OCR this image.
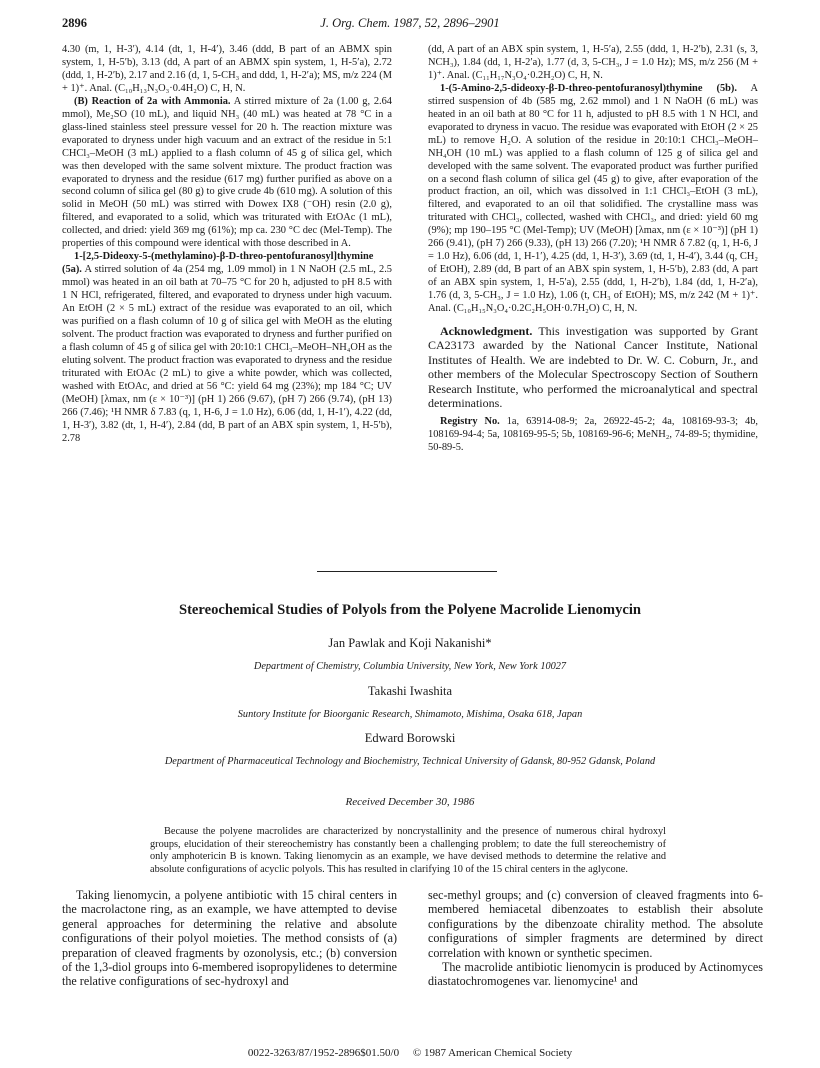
2896	J. Org. Chem. 1987, 52, 2896–2901

4.30 (m, 1, H-3′), 4.14 (dt, 1, H-4′), 3.46 (ddd, B part of an ABMX spin system, 1, H-5′b), 3.13 (dd, A part of an ABMX spin system, 1, H-5′a), 2.72 (ddd, 1, H-2′b), 2.17 and 2.16 (d, 1, 5-CH₃ and ddd, 1, H-2′a); MS, m/z 224 (M + 1)⁺. Anal. (C₁₀H₁₃N₃O₃·0.4H₂O) C, H, N.

(B) Reaction of 2a with Ammonia. A stirred mixture of 2a (1.00 g, 2.64 mmol), Me₂SO (10 mL), and liquid NH₃ (40 mL) was heated at 78 °C in a glass-lined stainless steel pressure vessel for 20 h. The reaction mixture was evaporated to dryness under high vacuum and an extract of the residue in 5:1 CHCl₃–MeOH (3 mL) applied to a flash column of 45 g of silica gel, which was then developed with the same solvent mixture. The product fraction was evaporated to dryness and the residue (617 mg) further purified as above on a second column of silica gel (80 g) to give crude 4b (610 mg). A solution of this solid in MeOH (50 mL) was stirred with Dowex IX8 (⁻OH) resin (2.0 g), filtered, and evaporated to a solid, which was triturated with EtOAc (1 mL), collected, and dried: yield 369 mg (61%); mp ca. 230 °C dec (Mel-Temp). The properties of this compound were identical with those described in A.

1-[2,5-Dideoxy-5-(methylamino)-β-D-threo-pentofuranosyl]thymine (5a). A stirred solution of 4a (254 mg, 1.09 mmol) in 1 N NaOH (2.5 mL, 2.5 mmol) was heated in an oil bath at 70–75 °C for 20 h, adjusted to pH 8.5 with 1 N HCl, refrigerated, filtered, and evaporated to dryness under high vacuum. An EtOH (2 × 5 mL) extract of the residue was evaporated to an oil, which was purified on a flash column of 10 g of silica gel with MeOH as the eluting solvent. The product fraction was evaporated to dryness and further purified on a flash column of 45 g of silica gel with 20:10:1 CHCl₃–MeOH–NH₄OH as the eluting solvent. The product fraction was evaporated to dryness and the residue triturated with EtOAc (2 mL) to give a white powder, which was collected, washed with EtOAc, and dried at 56 °C: yield 64 mg (23%); mp 184 °C; UV (MeOH) [λmax, nm (ε × 10⁻³)] (pH 1) 266 (9.67), (pH 7) 266 (9.74), (pH 13) 266 (7.46); ¹H NMR δ 7.83 (q, 1, H-6, J = 1.0 Hz), 6.06 (dd, 1, H-1′), 4.22 (dd, 1, H-3′), 3.82 (dt, 1, H-4′), 2.84 (dd, B part of an ABX spin system, 1, H-5′b), 2.78

(dd, A part of an ABX spin system, 1, H-5′a), 2.55 (ddd, 1, H-2′b), 2.31 (s, 3, NCH₃), 1.84 (dd, 1, H-2′a), 1.77 (d, 3, 5-CH₃, J = 1.0 Hz); MS, m/z 256 (M + 1)⁺. Anal. (C₁₁H₁₇N₃O₄·0.2H₂O) C, H, N.

1-(5-Amino-2,5-dideoxy-β-D-threo-pentofuranosyl)thymine (5b). A stirred suspension of 4b (585 mg, 2.62 mmol) and 1 N NaOH (6 mL) was heated in an oil bath at 80 °C for 11 h, adjusted to pH 8.5 with 1 N HCl, and evaporated to dryness in vacuo. The residue was evaporated with EtOH (2 × 25 mL) to remove H₂O. A solution of the residue in 20:10:1 CHCl₃–MeOH–NH₄OH (10 mL) was applied to a flash column of 125 g of silica gel and developed with the same solvent. The evaporated product was further purified on a second flash column of silica gel (45 g) to give, after evaporation of the product fraction, an oil, which was dissolved in 1:1 CHCl₃–EtOH (3 mL), filtered, and evaporated to an oil that solidified. The crystalline mass was triturated with CHCl₃, collected, washed with CHCl₃, and dried: yield 60 mg (9%); mp 190–195 °C (Mel-Temp); UV (MeOH) [λmax, nm (ε × 10⁻³)] (pH 1) 266 (9.41), (pH 7) 266 (9.33), (pH 13) 266 (7.20); ¹H NMR δ 7.82 (q, 1, H-6, J = 1.0 Hz), 6.06 (dd, 1, H-1′), 4.25 (dd, 1, H-3′), 3.69 (td, 1, H-4′), 3.44 (q, CH₂ of EtOH), 2.89 (dd, B part of an ABX spin system, 1, H-5′b), 2.83 (dd, A part of an ABX spin system, 1, H-5′a), 2.55 (ddd, 1, H-2′b), 1.84 (dd, 1, H-2′a), 1.76 (d, 3, 5-CH₃, J = 1.0 Hz), 1.06 (t, CH₃ of EtOH); MS, m/z 242 (M + 1)⁺. Anal. (C₁₀H₁₅N₃O₄·0.2C₂H₅OH·0.7H₂O) C, H, N.

Acknowledgment. This investigation was supported by Grant CA23173 awarded by the National Cancer Institute, National Institutes of Health. We are indebted to Dr. W. C. Coburn, Jr., and other members of the Molecular Spectroscopy Section of Southern Research Institute, who performed the microanalytical and spectral determinations.

Registry No. 1a, 63914-08-9; 2a, 26922-45-2; 4a, 108169-93-3; 4b, 108169-94-4; 5a, 108169-95-5; 5b, 108169-96-6; MeNH₂, 74-89-5; thymidine, 50-89-5.

Stereochemical Studies of Polyols from the Polyene Macrolide Lienomycin
Jan Pawlak and Koji Nakanishi*
Department of Chemistry, Columbia University, New York, New York 10027
Takashi Iwashita
Suntory Institute for Bioorganic Research, Shimamoto, Mishima, Osaka 618, Japan
Edward Borowski
Department of Pharmaceutical Technology and Biochemistry, Technical University of Gdansk, 80-952 Gdansk, Poland
Received December 30, 1986
Because the polyene macrolides are characterized by noncrystallinity and the presence of numerous chiral hydroxyl groups, elucidation of their stereochemistry has constantly been a challenging problem; to date the full stereochemistry of only amphotericin B is known. Taking lienomycin as an example, we have devised methods to determine the relative and absolute configurations of acyclic polyols. This has resulted in clarifying 10 of the 15 chiral centers in the aglycone.

Taking lienomycin, a polyene antibiotic with 15 chiral centers in the macrolactone ring, as an example, we have attempted to devise general approaches for determining the relative and absolute configurations of their polyol moieties. The method consists of (a) preparation of cleaved fragments by ozonolysis, etc.; (b) conversion of the 1,3-diol groups into 6-membered isopropylidenes to determine the relative configurations of sec-hydroxyl and

sec-methyl groups; and (c) conversion of cleaved fragments into 6-membered hemiacetal dibenzoates to establish their absolute configurations by the dibenzoate chirality method. The absolute configurations of simpler fragments are determined by direct correlation with known or synthetic specimen.

The macrolide antibiotic lienomycin is produced by Actinomyces diastatochromogenes var. lienomycine¹ and

0022-3263/87/1952-2896$01.50/0 © 1987 American Chemical Society
